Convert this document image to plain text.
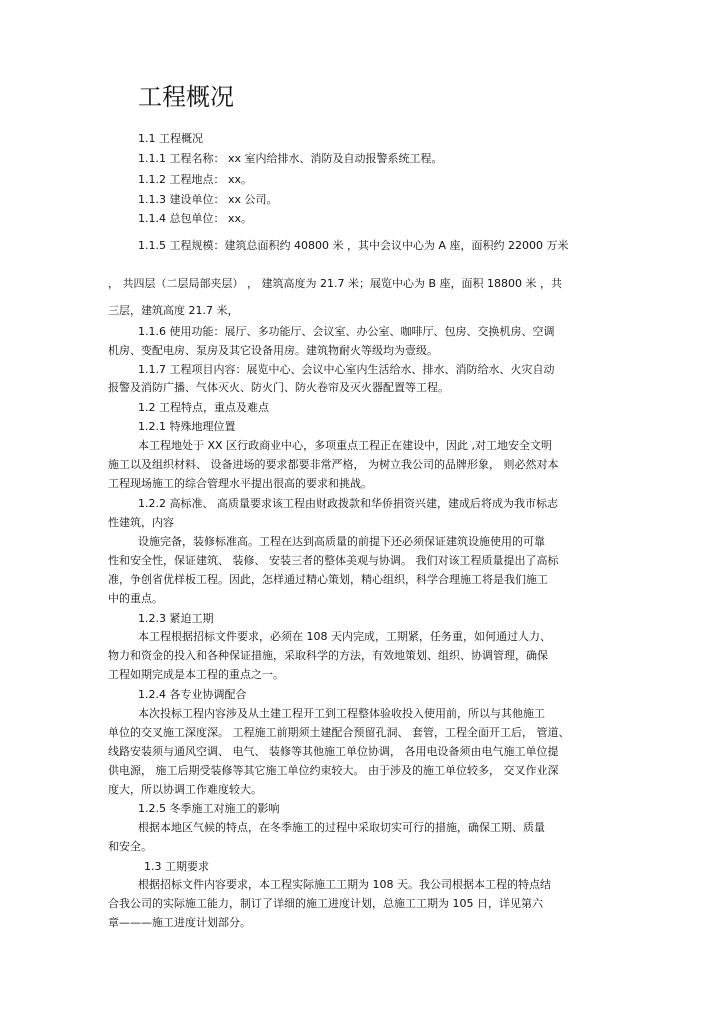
工程概况

1.1 工程概况

1.1.1 工程名称： xx 室内给排水、消防及自动报警系统工程。

1.1.2 工程地点： xx。

1.1.3 建设单位： xx 公司。

1.1.4 总包单位： xx。

1.1.5 工程规模：建筑总面积约 40800 米 ，其中会议中心为 A 座，面积约 22000 万米

， 共四层（二层局部夹层） ， 建筑高度为 21.7 米；展览中心为 B 座，面积 18800 米 ，共

三层，建筑高度 21.7 米，

1.1.6 使用功能：展厅、多功能厅、会议室、办公室、咖啡厅、包房、交换机房、空调

机房、变配电房、泵房及其它设备用房。建筑物耐火等级均为壹级。

1.1.7 工程项目内容：展览中心、会议中心室内生活给水、排水、消防给水、火灾自动

报警及消防广播、气体灭火、防火门、防火卷帘及灭火器配置等工程。

1.2 工程特点，重点及难点

1.2.1 特殊地理位置

本工程地处于 XX 区行政商业中心，多项重点工程正在建设中，因此 ,对工地安全文明

施工以及组织材料、 设备进场的要求都要非常严格， 为树立我公司的品牌形象， 则必然对本

工程现场施工的综合管理水平提出很高的要求和挑战。

1.2.2 高标准、 高质量要求该工程由财政拨款和华侨捐资兴建，建成后将成为我市标志

性建筑，内容

设施完备，装修标准高。工程在达到高质量的前提下还必须保证建筑设施使用的可靠

性和安全性，保证建筑、 装修、 安装三者的整体美观与协调。 我们对该工程质量提出了高标

准，争创省优样板工程。因此，怎样通过精心策划，精心组织，科学合理施工将是我们施工

中的重点。

1.2.3 紧迫工期

本工程根据招标文件要求，必须在 108 天内完成，工期紧，任务重，如何通过人力、

物力和资金的投入和各种保证措施，采取科学的方法，有效地策划、组织、协调管理，确保

工程如期完成是本工程的重点之一。

1.2.4 各专业协调配合

本次投标工程内容涉及从土建工程开工到工程整体验收投入使用前，所以与其他施工

单位的交叉施工深度深。 工程施工前期须土建配合预留孔洞、 套管，工程全面开工后， 管道、

线路安装须与通风空调、 电气、 装修等其他施工单位协调， 各用电设备须由电气施工单位提

供电源， 施工后期受装修等其它施工单位约束较大。 由于涉及的施工单位较多， 交叉作业深

度大，所以协调工作难度较大。

1.2.5 冬季施工对施工的影响

根据本地区气候的特点，在冬季施工的过程中采取切实可行的措施，确保工期、质量

和安全。

1.3 工期要求

根据招标文件内容要求，本工程实际施工工期为 108 天。我公司根据本工程的特点结

合我公司的实际施工能力，制订了详细的施工进度计划，总施工工期为 105 日，详见第六

章———施工进度计划部分。
